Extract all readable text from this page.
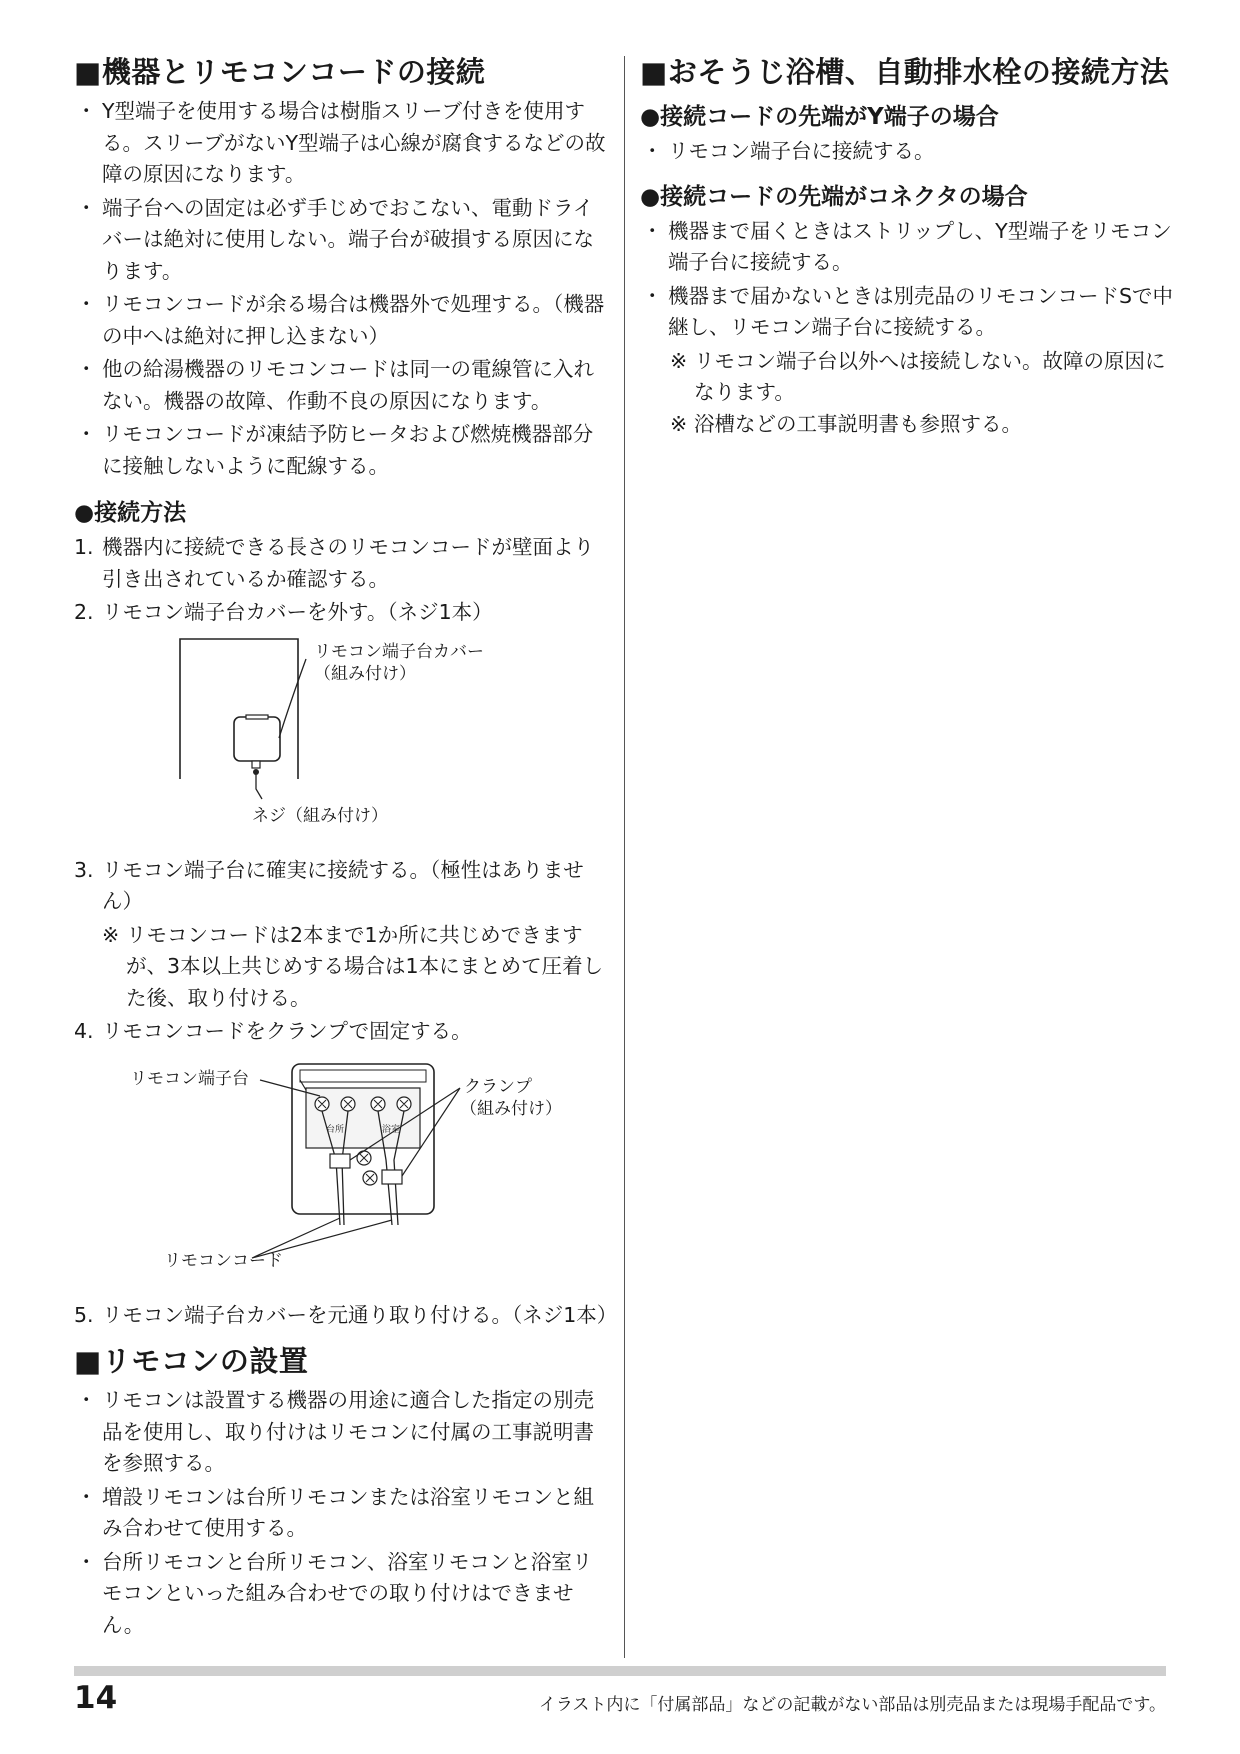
■機器とリモコンコードの接続
・ Y型端子を使用する場合は樹脂スリーブ付きを使用する。スリーブがないY型端子は心線が腐食するなどの故障の原因になります。
・ 端子台への固定は必ず手じめでおこない、電動ドライバーは絶対に使用しない。端子台が破損する原因になります。
・ リモコンコードが余る場合は機器外で処理する。（機器の中へは絶対に押し込まない）
・ 他の給湯機器のリモコンコードは同一の電線管に入れない。機器の故障、作動不良の原因になります。
・ リモコンコードが凍結予防ヒータおよび燃焼機器部分に接触しないように配線する。
●接続方法
1. 機器内に接続できる長さのリモコンコードが壁面より引き出されているか確認する。
2. リモコン端子台カバーを外す。（ネジ1本）
リモコン端子台カバー
（組み付け）
ネジ（組み付け）
3. リモコン端子台に確実に接続する。（極性はありません）
※ リモコンコードは2本まで1か所に共じめできますが、3本以上共じめする場合は1本にまとめて圧着した後、取り付ける。
4. リモコンコードをクランプで固定する。
台所	浴室
リモコン端子台	クランプ
（組み付け）
リモコンコード
5. リモコン端子台カバーを元通り取り付ける。（ネジ1本）
■リモコンの設置
・ リモコンは設置する機器の用途に適合した指定の別売品を使用し、取り付けはリモコンに付属の工事説明書を参照する。
・ 増設リモコンは台所リモコンまたは浴室リモコンと組み合わせて使用する。
・ 台所リモコンと台所リモコン、浴室リモコンと浴室リモコンといった組み合わせでの取り付けはできません。
■おそうじ浴槽、自動排水栓の接続方法
●接続コードの先端がY端子の場合
・ リモコン端子台に接続する。
●接続コードの先端がコネクタの場合
・ 機器まで届くときはストリップし、Y型端子をリモコン端子台に接続する。
・ 機器まで届かないときは別売品のリモコンコードSで中継し、リモコン端子台に接続する。
※ リモコン端子台以外へは接続しない。故障の原因になります。
※ 浴槽などの工事説明書も参照する。
14	イラスト内に「付属部品」などの記載がない部品は別売品または現場手配品です。
